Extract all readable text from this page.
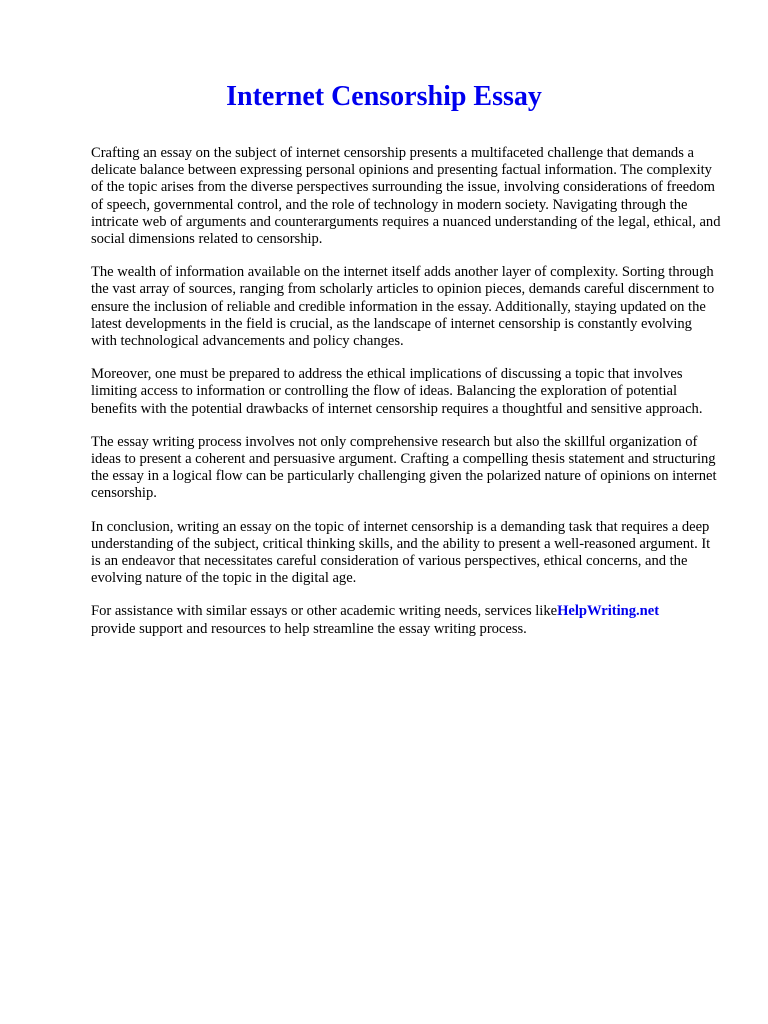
Internet Censorship Essay

Crafting an essay on the subject of internet censorship presents a multifaceted challenge that demands a delicate balance between expressing personal opinions and presenting factual information. The complexity of the topic arises from the diverse perspectives surrounding the issue, involving considerations of freedom of speech, governmental control, and the role of technology in modern society. Navigating through the intricate web of arguments and counterarguments requires a nuanced understanding of the legal, ethical, and social dimensions related to censorship.

The wealth of information available on the internet itself adds another layer of complexity. Sorting through the vast array of sources, ranging from scholarly articles to opinion pieces, demands careful discernment to ensure the inclusion of reliable and credible information in the essay. Additionally, staying updated on the latest developments in the field is crucial, as the landscape of internet censorship is constantly evolving with technological advancements and policy changes.

Moreover, one must be prepared to address the ethical implications of discussing a topic that involves limiting access to information or controlling the flow of ideas. Balancing the exploration of potential benefits with the potential drawbacks of internet censorship requires a thoughtful and sensitive approach.

The essay writing process involves not only comprehensive research but also the skillful organization of ideas to present a coherent and persuasive argument. Crafting a compelling thesis statement and structuring the essay in a logical flow can be particularly challenging given the polarized nature of opinions on internet censorship.

In conclusion, writing an essay on the topic of internet censorship is a demanding task that requires a deep understanding of the subject, critical thinking skills, and the ability to present a well-reasoned argument. It is an endeavor that necessitates careful consideration of various perspectives, ethical concerns, and the evolving nature of the topic in the digital age.

For assistance with similar essays or other academic writing needs, services likeHelpWriting.net
provide support and resources to help streamline the essay writing process.
